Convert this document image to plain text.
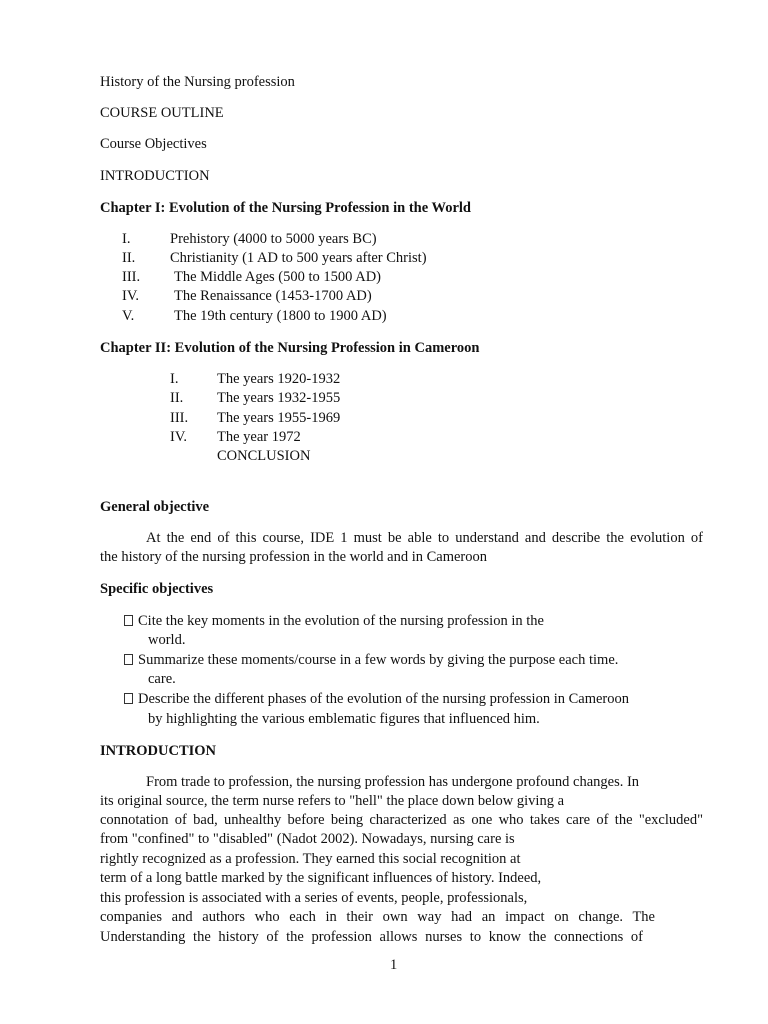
History of the Nursing profession
COURSE OUTLINE
Course Objectives
INTRODUCTION
Chapter I: Evolution of the Nursing Profession in the World
I.	Prehistory (4000 to 5000 years BC)
II. Christianity (1 AD to 500 years after Christ)
III. The Middle Ages (500 to 1500 AD)
IV. The Renaissance (1453-1700 AD)
V.	The 19th century (1800 to 1900 AD)
Chapter II: Evolution of the Nursing Profession in Cameroon
I.	The years 1920-1932
II. The years 1932-1955
III. The years 1955-1969
IV. The year 1972
CONCLUSION
General objective
At the end of this course, IDE 1 must be able to understand and describe the evolution of
the history of the nursing profession in the world and in Cameroon
Specific objectives
Cite the key moments in the evolution of the nursing profession in the
world.
Summarize these moments/course in a few words by giving the purpose each time.
care.
Describe the different phases of the evolution of the nursing profession in Cameroon
by highlighting the various emblematic figures that influenced him.
INTRODUCTION
From trade to profession, the nursing profession has undergone profound changes. In
its original source, the term nurse refers to "hell" the place down below giving a
connotation of bad, unhealthy before being characterized as one who takes care of the "excluded"
from "confined" to "disabled" (Nadot 2002). Nowadays, nursing care is
rightly recognized as a profession. They earned this social recognition at
term of a long battle marked by the significant influences of history. Indeed,
this profession is associated with a series of events, people, professionals,
companies and authors who each in their own way had an impact on change. The
Understanding the history of the profession allows nurses to know the connections of
1
